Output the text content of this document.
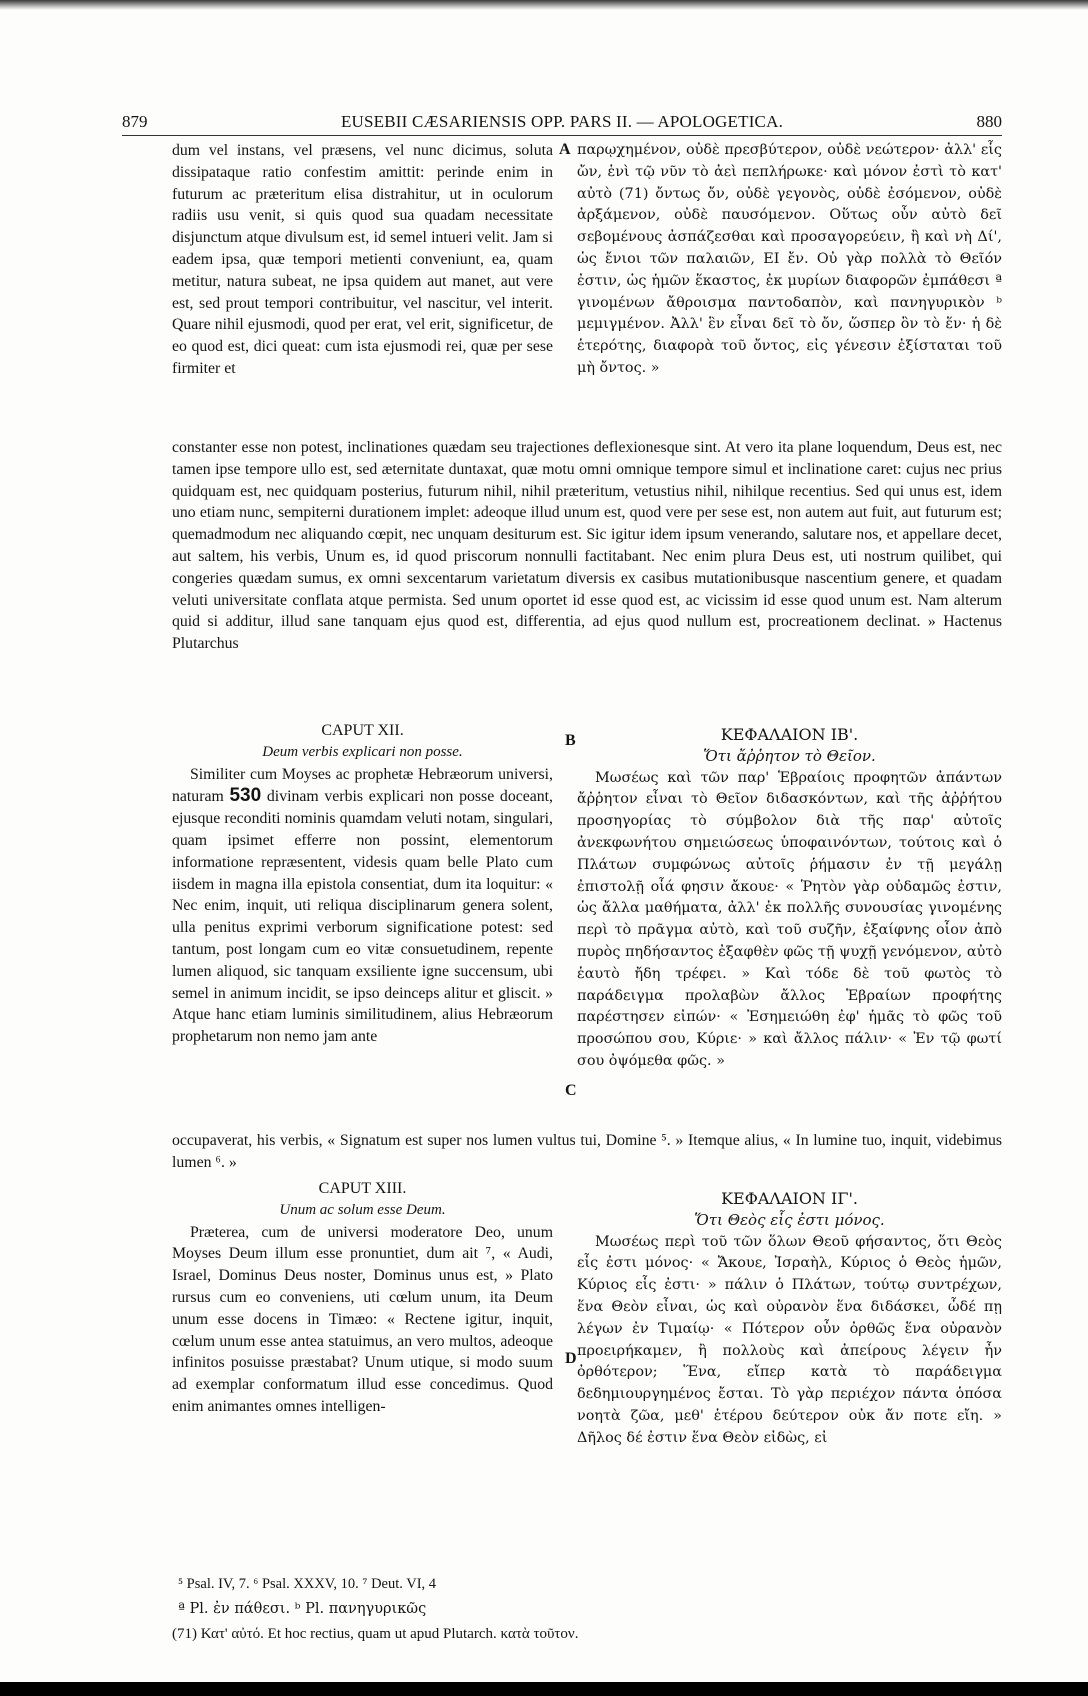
879	EUSEBII CÆSARIENSIS OPP. PARS II. — APOLOGETICA.	880

dum vel instans, vel præsens, vel nunc dicimus, soluta dissipataque ratio confestim amittit: perinde enim in futurum ac præteritum elisa distrahitur, ut in oculorum radiis usu venit, si quis quod sua quadam necessitate disjunctum atque divulsum est, id semel intueri velit. Jam si eadem ipsa, quæ tempori metienti conveniunt, ea, quam metitur, natura subeat, ne ipsa quidem aut manet, aut vere est, sed prout tempori contribuitur, vel nascitur, vel interit. Quare nihil ejusmodi, quod per erat, vel erit, significetur, de eo quod est, dici queat: cum ista ejusmodi rei, quæ per sese firmiter et

A παρῳχημένον, οὐδὲ πρεσβύτερον, οὐδὲ νεώτερον· ἀλλ' εἷς ὤν, ἑνὶ τῷ νῦν τὸ ἀεὶ πεπλήρωκε· καὶ μόνον ἐστὶ τὸ κατ' αὐτὸ (71) ὄντως ὄν, οὐδὲ γεγονὸς, οὐδὲ ἐσόμενον, οὐδὲ ἀρξάμενον, οὐδὲ παυσόμενον. Οὕτως οὖν αὐτὸ δεῖ σεβομένους ἀσπάζεσθαι καὶ προσαγορεύειν, ἢ καὶ νὴ Δί', ὡς ἔνιοι τῶν παλαιῶν, ΕΙ ἔν. Οὐ γὰρ πολλὰ τὸ Θεῖόν ἐστιν, ὡς ἡμῶν ἕκαστος, ἐκ μυρίων διαφορῶν ἐμπάθεσι ª γινομένων ἄθροισμα παντοδαπὸν, καὶ πανηγυρικὸν ᵇ μεμιγμένον. Ἀλλ' ἓν εἶναι δεῖ τὸ ὄν, ὥσπερ ὂν τὸ ἕν· ἡ δὲ ἑτερότης, διαφορὰ τοῦ ὄντος, εἰς γένεσιν ἐξίσταται τοῦ μὴ ὄντος. »

constanter esse non potest, inclinationes quædam seu trajectiones deflexionesque sint. At vero ita plane loquendum, Deus est, nec tamen ipse tempore ullo est, sed æternitate duntaxat, quæ motu omni omnique tempore simul et inclinatione caret: cujus nec prius quidquam est, nec quidquam posterius, futurum nihil, nihil præteritum, vetustius nihil, nihilque recentius. Sed qui unus est, idem uno etiam nunc, sempiterni durationem implet: adeoque illud unum est, quod vere per sese est, non autem aut fuit, aut futurum est; quemadmodum nec aliquando cœpit, nec unquam desiturum est. Sic igitur idem ipsum venerando, salutare nos, et appellare decet, aut saltem, his verbis, Unum es, id quod priscorum nonnulli factitabant. Nec enim plura Deus est, uti nostrum quilibet, qui congeries quædam sumus, ex omni sexcentarum varietatum diversis ex casibus mutationibusque nascentium genere, et quadam veluti universitate conflata atque permista. Sed unum oportet id esse quod est, ac vicissim id esse quod unum est. Nam alterum quid si additur, illud sane tanquam ejus quod est, differentia, ad ejus quod nullum est, procreationem declinat. » Hactenus Plutarchus

CAPUT XII.

Deum verbis explicari non posse.

Similiter cum Moyses ac prophetæ Hebræorum universi, naturam 530 divinam verbis explicari non posse doceant, ejusque reconditi nominis quamdam veluti notam, singulari, quam ipsimet efferre non possint, elementorum informatione repræsentent, videsis quam belle Plato cum iisdem in magna illa epistola consentiat, dum ita loquitur: « Nec enim, inquit, uti reliqua disciplinarum genera solent, ulla penitus exprimi verborum significatione potest: sed tantum, post longam cum eo vitæ consuetudinem, repente lumen aliquod, sic tanquam exsiliente igne succensum, ubi semel in animum incidit, se ipso deinceps alitur et gliscit. » Atque hanc etiam luminis similitudinem, alius Hebræorum prophetarum non nemo jam ante

B	ΚΕΦΑΛΑΙΟΝ ΙΒ'.

Ὅτι ἄῤῥητον τὸ Θεῖον.

Μωσέως καὶ τῶν παρ' Ἑβραίοις προφητῶν ἁπάντων ἄῤῥητον εἶναι τὸ Θεῖον διδασκόντων, καὶ τῆς ἀῤῥήτου προσηγορίας τὸ σύμβολον διὰ τῆς παρ' αὐτοῖς ἀνεκφωνήτου σημειώσεως ὑποφαινόντων, τούτοις καὶ ὁ Πλάτων συμφώνως αὐτοῖς ῥήμασιν ἐν τῇ μεγάλῃ ἐπιστολῇ οἷά φησιν ἄκουε· « Ῥητὸν γὰρ οὐδαμῶς ἐστιν, ὡς ἄλλα μαθήματα, ἀλλ' ἐκ πολλῆς συνουσίας γινομένης περὶ τὸ πρᾶγμα αὐτὸ, καὶ τοῦ συζῆν, ἐξαίφνης οἷον ἀπὸ πυρὸς πηδήσαντος ἐξαφθὲν φῶς τῇ ψυχῇ γενόμενον, αὐτὸ ἑαυτὸ ἤδη τρέφει. » Καὶ τόδε δὲ τοῦ φωτὸς τὸ παράδειγμα προλαβὼν ἄλλος Ἑβραίων προφήτης παρέστησεν εἰπών· « Ἐσημειώθη ἐφ' ἡμᾶς τὸ φῶς τοῦ προσώπου σου, Κύριε· » καὶ ἄλλος πάλιν· « Ἐν τῷ φωτί σου ὀψόμεθα φῶς. »

C

occupaverat, his verbis, « Signatum est super nos lumen vultus tui, Domine ⁵. » Itemque alius, « In lumine tuo, inquit, videbimus lumen ⁶. »

CAPUT XIII.

Unum ac solum esse Deum.

Præterea, cum de universi moderatore Deo, unum Moyses Deum illum esse pronuntiet, dum ait ⁷, « Audi, Israel, Dominus Deus noster, Dominus unus est, » Plato rursus cum eo conveniens, uti cœlum unum, ita Deum unum esse docens in Timæo: « Rectene igitur, inquit, cœlum unum esse antea statuimus, an vero multos, adeoque infinitos posuisse præstabat? Unum utique, si modo suum ad exemplar conformatum illud esse concedimus. Quod enim animantes omnes intelligen-

D

ΚΕΦΑΛΑΙΟΝ ΙΓ'.

Ὅτι Θεὸς εἷς ἐστι μόνος.

Μωσέως περὶ τοῦ τῶν ὅλων Θεοῦ φήσαντος, ὅτι Θεὸς εἷς ἐστι μόνος· « Ἄκουε, Ἰσραὴλ, Κύριος ὁ Θεὸς ἡμῶν, Κύριος εἷς ἐστι· » πάλιν ὁ Πλάτων, τούτῳ συντρέχων, ἕνα Θεὸν εἶναι, ὡς καὶ οὐρανὸν ἕνα διδάσκει, ὧδέ πῃ λέγων ἐν Τιμαίῳ· « Πότερον οὖν ὀρθῶς ἕνα οὐρανὸν προειρήκαμεν, ἢ πολλοὺς καὶ ἀπείρους λέγειν ἦν ὀρθότερον; Ἕνα, εἴπερ κατὰ τὸ παράδειγμα δεδημιουργημένος ἔσται. Τὸ γὰρ περιέχον πάντα ὁπόσα νοητὰ ζῶα, μεθ' ἑτέρου δεύτερον οὐκ ἄν ποτε εἴη. » Δῆλος δέ ἐστιν ἕνα Θεὸν εἰδὼς, εἰ

⁵ Psal. IV, 7. ⁶ Psal. XXXV, 10. ⁷ Deut. VI, 4
ª Pl. ἐν πάθεσι. ᵇ Pl. πανηγυρικῶς
(71) Κατ' αὐτό. Et hoc rectius, quam ut apud Plutarch. κατὰ τοῦτον.
